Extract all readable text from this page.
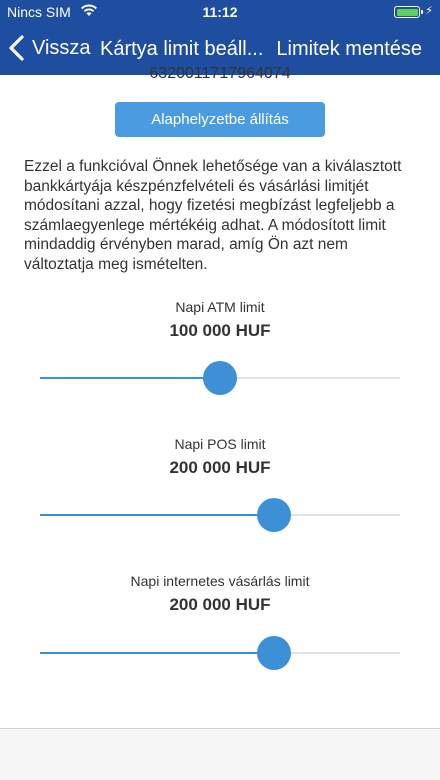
Nincs SIM	11:12	⚡
Vissza Kártya limit beáll... Limitek mentése
6320011717964074
Alaphelyzetbe állítás
Ezzel a funkcióval Önnek lehetősége van a kiválasztott bankkártyája készpénzfelvételi és vásárlási limitjét módosítani azzal, hogy fizetési megbízást legfeljebb a számlaegyenlege mértékéig adhat. A módosított limit mindaddig érvényben marad, amíg Ön azt nem változtatja meg ismételten.
Napi ATM limit
100 000 HUF
Napi POS limit
200 000 HUF
Napi internetes vásárlás limit
200 000 HUF
